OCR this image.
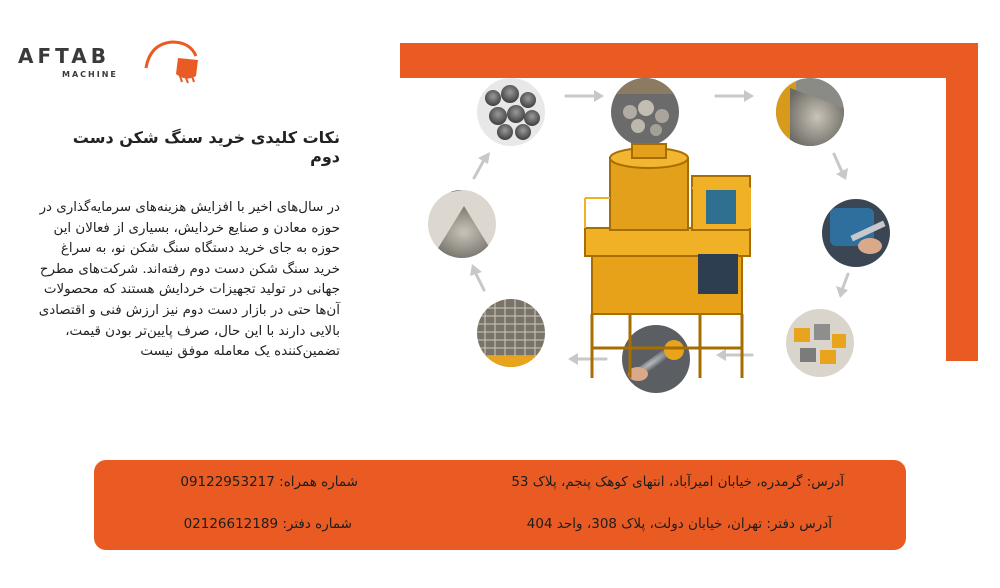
AFTAB
MACHINE
نکات کلیدی خرید سنگ شکن دست دوم
در سال‌های اخیر با افزایش هزینه‌های سرمایه‌گذاری در حوزه معادن و صنایع خردایش، بسیاری از فعالان این حوزه به جای خرید دستگاه سنگ شکن نو، به سراغ خرید سنگ شکن دست دوم رفته‌اند. شرکت‌های مطرح جهانی در تولید تجهیزات خردایش هستند که محصولات آن‌ها حتی در بازار دست دوم نیز ارزش فنی و اقتصادی بالایی دارند با این حال، صرف پایین‌تر بودن قیمت، تضمین‌کننده یک معامله موفق نیست
آدرس: گرمدره، خیابان امیرآباد، انتهای کوهک پنجم، پلاک 53
آدرس دفتر: تهران، خیابان دولت، پلاک 308، واحد 404
شماره همراه: 09122953217
شماره دفتر: 02126612189
